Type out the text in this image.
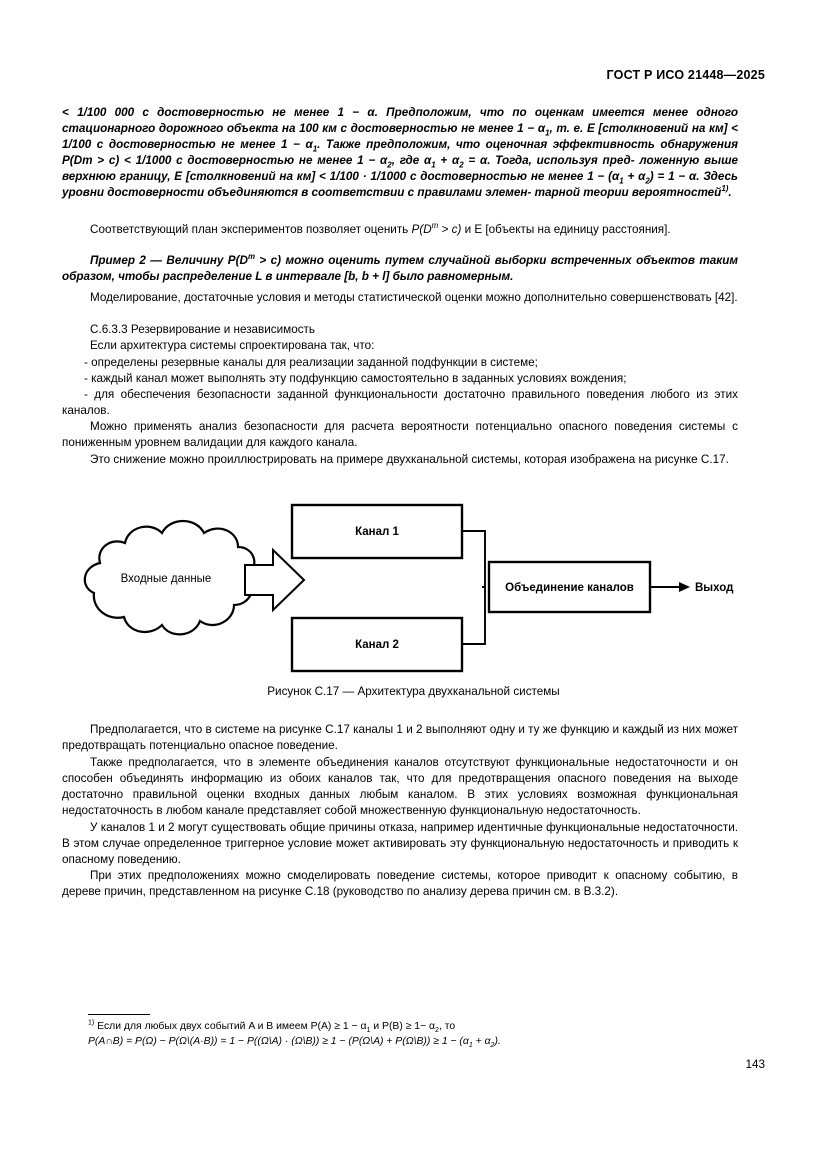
ГОСТ Р ИСО 21448—2025

< 1/100 000 с достоверностью не менее 1 − α. Предположим, что по оценкам имеется менее одного стационарного дорожного объекта на 100 км с достоверностью не менее $1 - \alpha_1$, т. е. E [столкновений на км] < 1/100 с достоверностью не менее $1 - \alpha_1$. Также предположим, что оценочная эффективность обнаружения P(Dm > c) < 1/1000 с достоверностью не менее $1 - \alpha_2$, где $\alpha_1 + \alpha_2 = \alpha$. Тогда, используя пред- ложенную выше верхнюю границу, E [столкновений на км] < 1/100 · 1/1000 с достоверностью не менее $1 - (\alpha_1 + \alpha_2) = 1 - \alpha$. Здесь уровни достоверности объединяются в соответствии с правилами элемен- тарной теории вероятностей$^{1)}$.

Соответствующий план экспериментов позволяет оценить $P(D^m > c)$ и E [объекты на единицу расстояния].

Пример 2 — Величину $P(D^m > c)$ можно оценить путем случайной выборки встреченных объектов таким образом, чтобы распределение L в интервале [b, b + l] было равномерным.

Моделирование, достаточные условия и методы статистической оценки можно дополнительно совершенствовать [42].

С.6.3.3 Резервирование и независимость

Если архитектура системы спроектирована так, что:

- определены резервные каналы для реализации заданной подфункции в системе;

- каждый канал может выполнять эту подфункцию самостоятельно в заданных условиях вождения;

- для обеспечения безопасности заданной функциональности достаточно правильного поведения любого из этих каналов.

Можно применять анализ безопасности для расчета вероятности потенциально опасного поведения системы с пониженным уровнем валидации для каждого канала.

Это снижение можно проиллюстрировать на примере двухканальной системы, которая изображена на рисунке С.17.

Входные данные
Канал 1
Канал 2
Объединение каналов	Выход
Рисунок С.17 — Архитектура двухканальной системы

Предполагается, что в системе на рисунке С.17 каналы 1 и 2 выполняют одну и ту же функцию и каждый из них может предотвращать потенциально опасное поведение.

Также предполагается, что в элементе объединения каналов отсутствуют функциональные недостаточности и он способен объединять информацию из обоих каналов так, что для предотвращения опасного поведения на выходе достаточно правильной оценки входных данных любым каналом. В этих условиях возможная функциональная недостаточность в любом канале представляет собой множественную функциональную недостаточность.

У каналов 1 и 2 могут существовать общие причины отказа, например идентичные функциональные недостаточности. В этом случае определенное триггерное условие может активировать эту функциональную недостаточность и приводить к опасному поведению.

При этих предположениях можно смоделировать поведение системы, которое приводит к опасному событию, в дереве причин, представленном на рисунке С.18 (руководство по анализу дерева причин см. в В.3.2).

$^{1)}$ Если для любых двух событий A и B имеем $P(A) \ge 1 - \alpha_1$ и $P(B) \ge 1- \alpha_2$, то
P(A∩B) = P(Ω) − P(Ω\(A·B)) = 1 − P((Ω\A) · (Ω\B)) ≥ 1 − (P(Ω\A) + P(Ω\B)) ≥ $1 - (\alpha_1 + \alpha_2)$.
143
